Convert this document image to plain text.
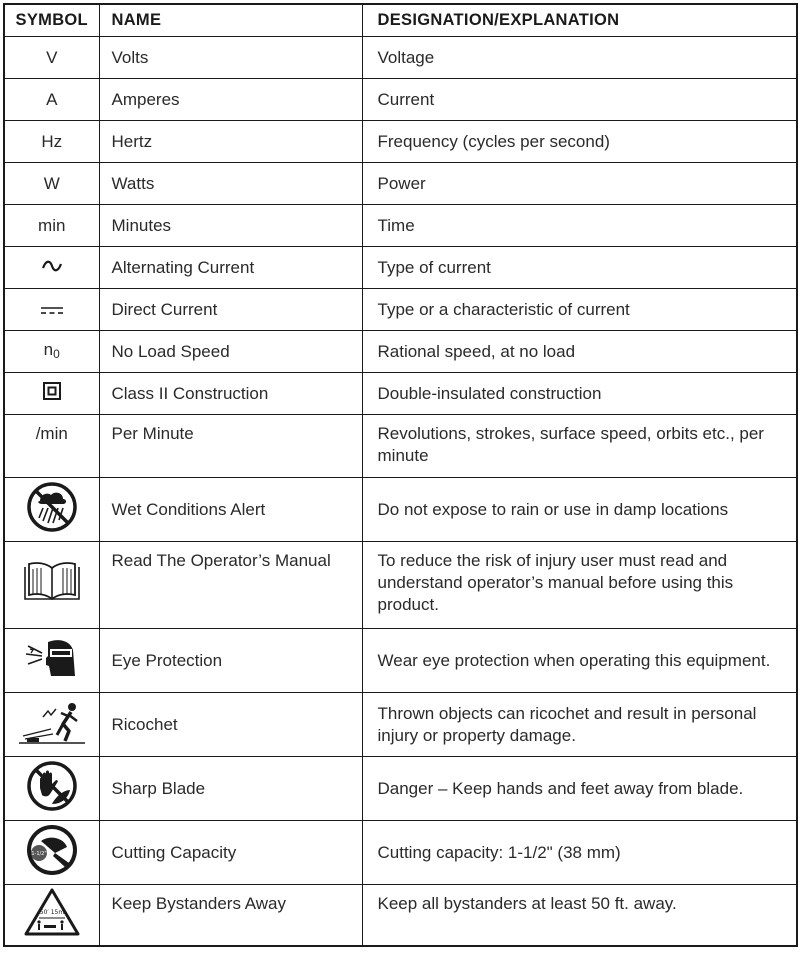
SYMBOL	NAME	DESIGNATION/EXPLANATION
V	Volts	Voltage
A	Amperes	Current
Hz	Hertz	Frequency (cycles per second)
W	Watts	Power
min	Minutes	Time
	Alternating Current	Type of current
	Direct Current	Type or a characteristic of current
$n_0$	No Load Speed	Rational speed, at no load
	Class II Construction	Double-insulated construction
/min	Per Minute	Revolutions, strokes, surface speed, orbits etc., per minute
	Wet Conditions Alert	Do not expose to rain or use in damp locations
	Read The Operator’s Manual	To reduce the risk of injury user must read and understand operator’s manual before using this product.
	Eye Protection	Wear eye protection when operating this equipment.
	Ricochet	Thrown objects can ricochet and result in personal injury or property damage.
	Sharp Blade	Danger – Keep hands and feet away from blade.

1-1/2"	Cutting Capacity	Cutting capacity: 1-1/2" (38 mm)

50′ 15m	Keep Bystanders Away	Keep all bystanders at least 50 ft. away.
